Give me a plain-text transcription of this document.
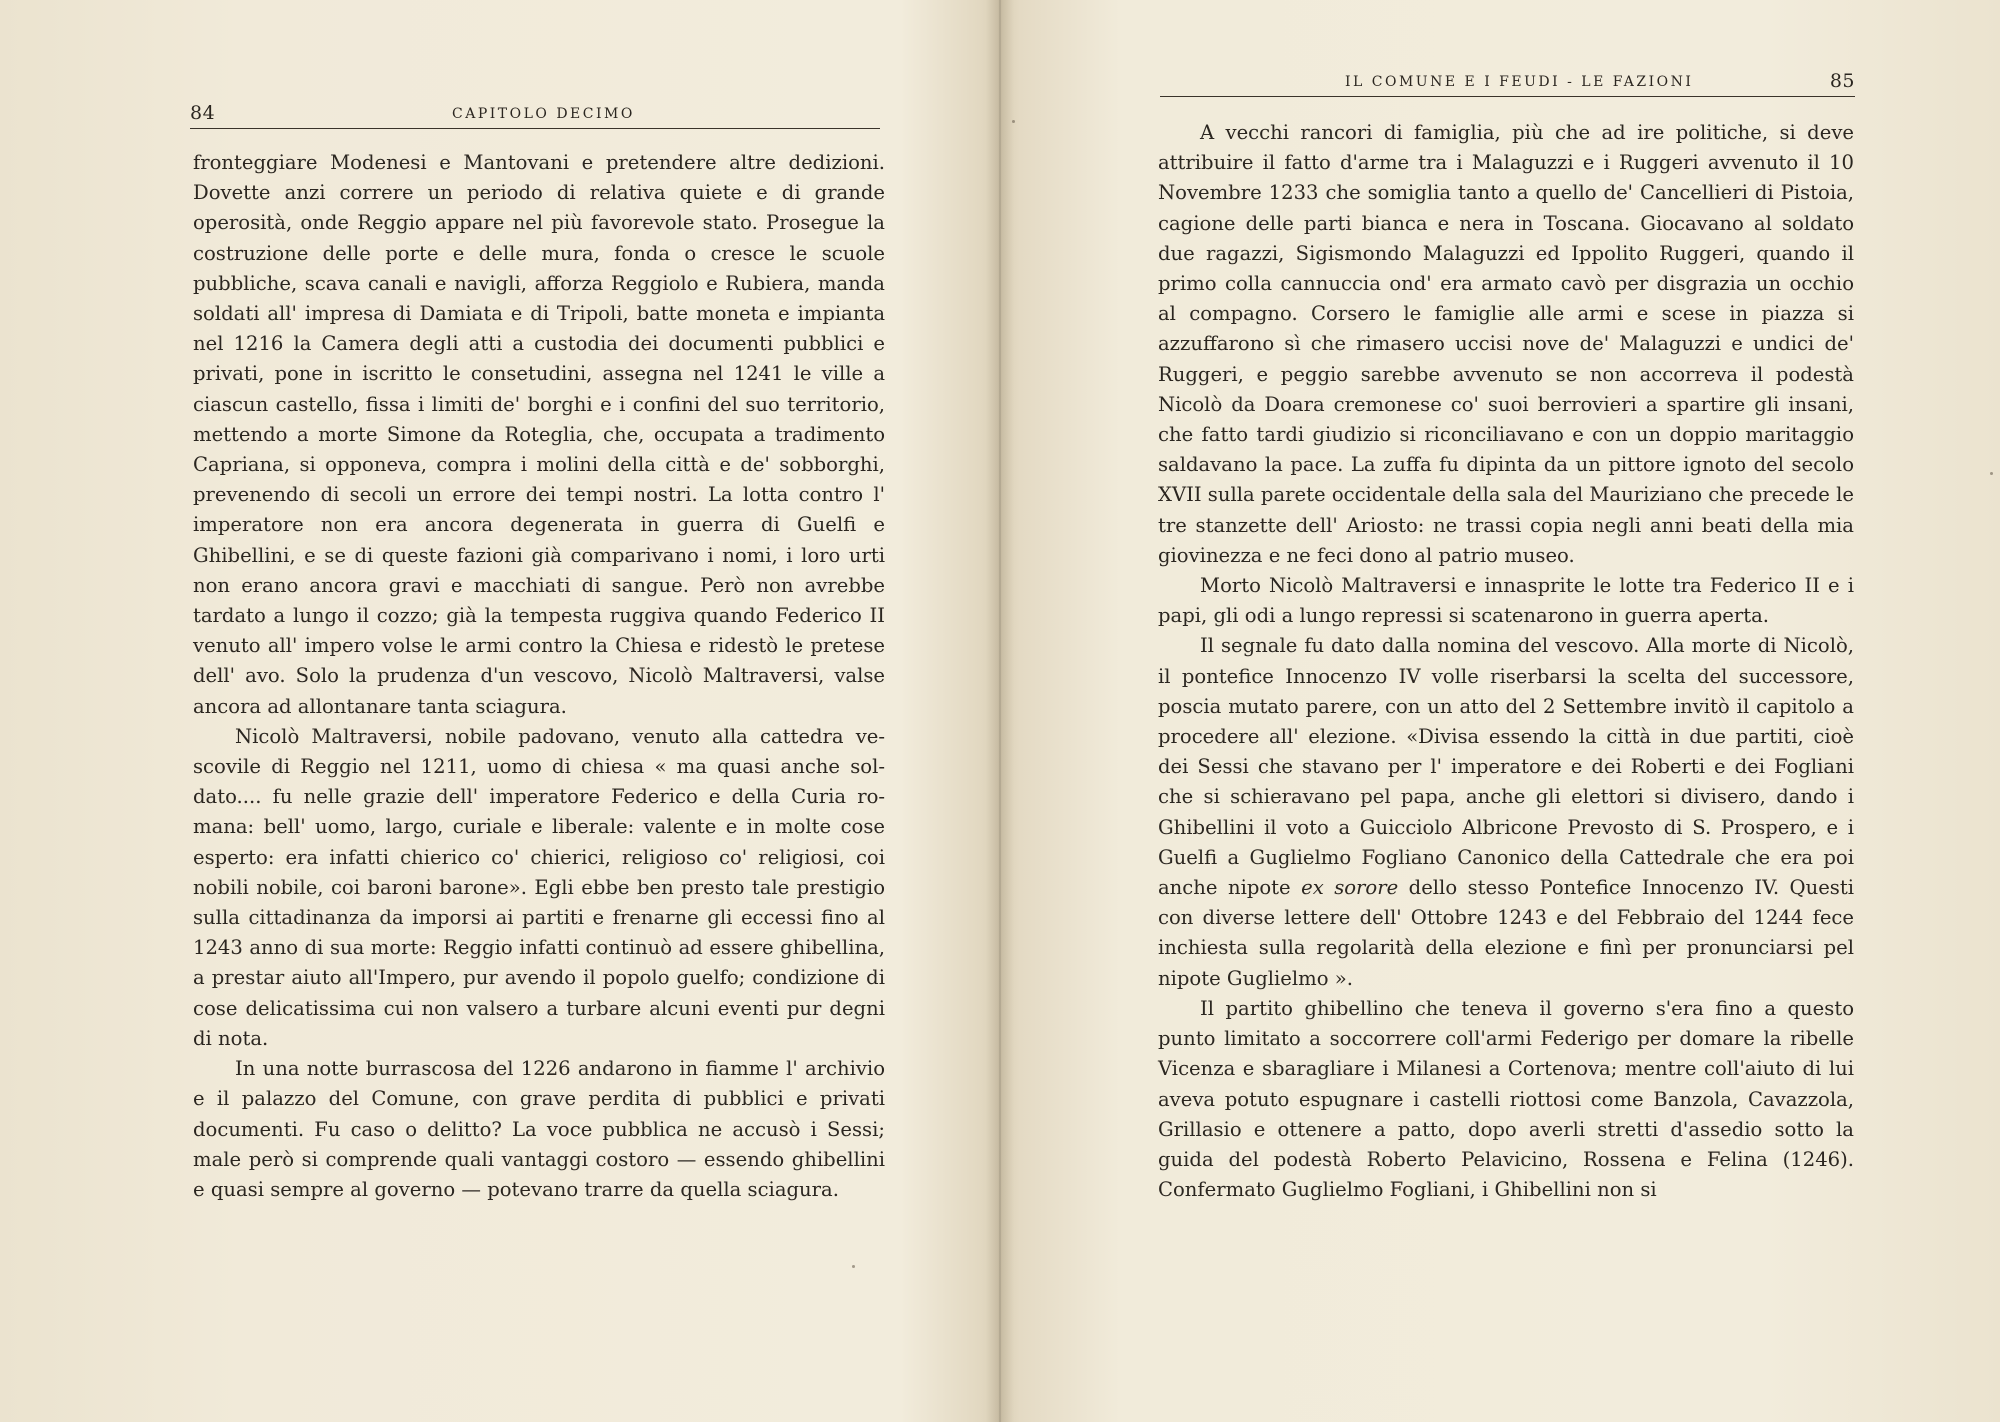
84	CAPITOLO DECIMO

fronteggiare Modenesi e Mantovani e pretendere altre dedizioni. Dovette anzi correre un periodo di relativa quiete e di grande operosità, onde Reggio appare nel più favorevole stato. Prosegue la costruzione delle porte e delle mura, fonda o cresce le scuole pubbliche, scava canali e navigli, afforza Reggiolo e Rubiera, manda soldati all' impresa di Damiata e di Tripoli, batte moneta e impianta nel 1216 la Camera degli atti a custodia dei documenti pubblici e privati, pone in iscritto le consetudini, assegna nel 1241 le ville a ciascun castello, fissa i limiti de' borghi e i confini del suo territorio, mettendo a morte Simone da Roteglia, che, occupata a tradimento Capriana, si opponeva, compra i molini della città e de' sobborghi, prevenendo di secoli un errore dei tempi nostri. La lotta contro l' imperatore non era ancora degenerata in guerra di Guelfi e Ghibellini, e se di queste fazioni già comparivano i nomi, i loro urti non erano ancora gravi e macchiati di sangue. Però non avrebbe tardato a lungo il cozzo; già la tempesta ruggiva quando Federico II venuto all' impero volse le armi contro la Chiesa e ridestò le pretese dell' avo. Solo la prudenza d'un vescovo, Nicolò Maltraversi, valse ancora ad allontanare tanta sciagura.

Nicolò Maltraversi, nobile padovano, venuto alla cattedra vescovile di Reggio nel 1211, uomo di chiesa « ma quasi anche soldato.... fu nelle grazie dell' imperatore Federico e della Curia romana: bell' uomo, largo, curiale e liberale: valente e in molte cose esperto: era infatti chierico co' chierici, religioso co' religiosi, coi nobili nobile, coi baroni barone». Egli ebbe ben presto tale prestigio sulla cittadinanza da imporsi ai partiti e frenarne gli eccessi fino al 1243 anno di sua morte: Reggio infatti continuò ad essere ghibellina, a prestar aiuto all'Impero, pur avendo il popolo guelfo; condizione di cose delicatissima cui non valsero a turbare alcuni eventi pur degni di nota.

In una notte burrascosa del 1226 andarono in fiamme l' archivio e il palazzo del Comune, con grave perdita di pubblici e privati documenti. Fu caso o delitto? La voce pubblica ne accusò i Sessi; male però si comprende quali vantaggi costoro — essendo ghibellini e quasi sempre al governo — potevano trarre da quella sciagura.

IL COMUNE E I FEUDI - LE FAZIONI	85

A vecchi rancori di famiglia, più che ad ire politiche, si deve attribuire il fatto d'arme tra i Malaguzzi e i Ruggeri avvenuto il 10 Novembre 1233 che somiglia tanto a quello de' Cancellieri di Pistoia, cagione delle parti bianca e nera in Toscana. Giocavano al soldato due ragazzi, Sigismondo Malaguzzi ed Ippolito Ruggeri, quando il primo colla cannuccia ond' era armato cavò per disgrazia un occhio al compagno. Corsero le famiglie alle armi e scese in piazza si azzuffarono sì che rimasero uccisi nove de' Malaguzzi e undici de' Ruggeri, e peggio sarebbe avvenuto se non accorreva il podestà Nicolò da Doara cremonese co' suoi berrovieri a spartire gli insani, che fatto tardi giudizio si riconciliavano e con un doppio maritaggio saldavano la pace. La zuffa fu dipinta da un pittore ignoto del secolo XVII sulla parete occidentale della sala del Mauriziano che precede le tre stanzette dell' Ariosto: ne trassi copia negli anni beati della mia giovinezza e ne feci dono al patrio museo.

Morto Nicolò Maltraversi e innasprite le lotte tra Federico II e i papi, gli odi a lungo repressi si scatenarono in guerra aperta.

Il segnale fu dato dalla nomina del vescovo. Alla morte di Nicolò, il pontefice Innocenzo IV volle riserbarsi la scelta del successore, poscia mutato parere, con un atto del 2 Settembre invitò il capitolo a procedere all' elezione. «Divisa essendo la città in due partiti, cioè dei Sessi che stavano per l' imperatore e dei Roberti e dei Fogliani che si schieravano pel papa, anche gli elettori si divisero, dando i Ghibellini il voto a Guicciolo Albricone Prevosto di S. Prospero, e i Guelfi a Guglielmo Fogliano Canonico della Cattedrale che era poi anche nipote ex sorore dello stesso Pontefice Innocenzo IV. Questi con diverse lettere dell' Ottobre 1243 e del Febbraio del 1244 fece inchiesta sulla regolarità della elezione e finì per pronunciarsi pel nipote Guglielmo ».

Il partito ghibellino che teneva il governo s'era fino a questo punto limitato a soccorrere coll'armi Federigo per domare la ribelle Vicenza e sbaragliare i Milanesi a Cortenova; mentre coll'aiuto di lui aveva potuto espugnare i castelli riottosi come Banzola, Cavazzola, Grillasio e ottenere a patto, dopo averli stretti d'assedio sotto la guida del podestà Roberto Pelavicino, Rossena e Felina (1246). Confermato Guglielmo Fogliani, i Ghibellini non si
